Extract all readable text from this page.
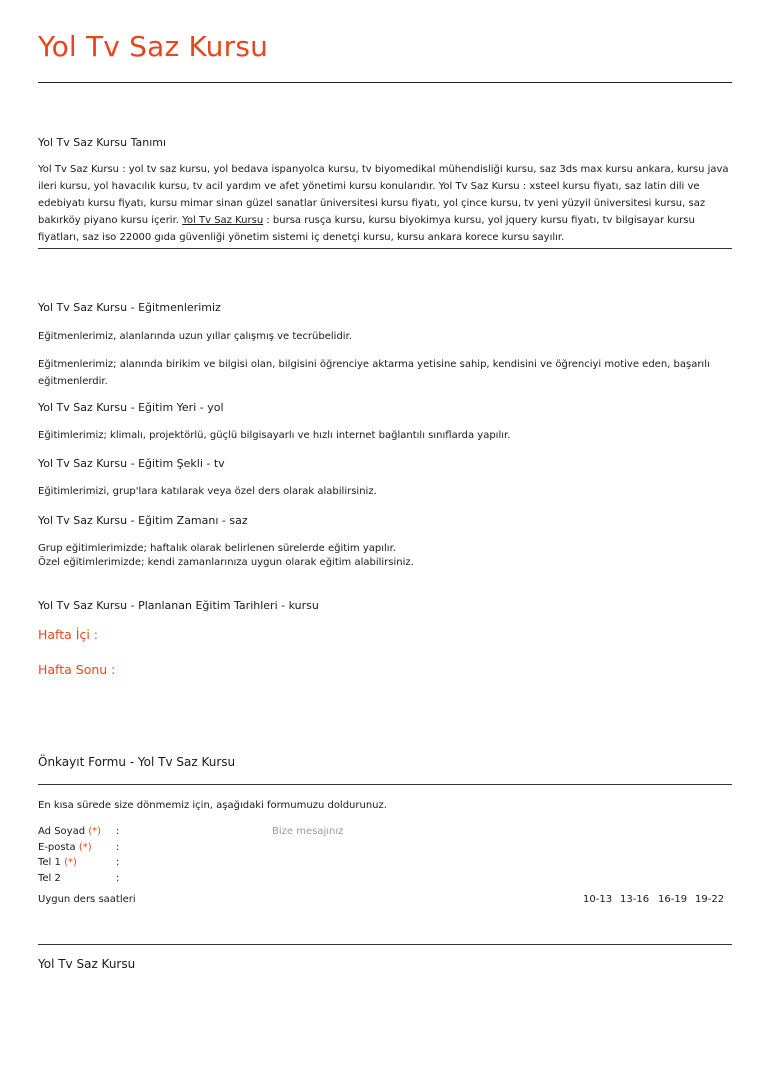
Yol Tv Saz Kursu
Yol Tv Saz Kursu Tanımı
Yol Tv Saz Kursu : yol tv saz kursu, yol bedava ispanyolca kursu, tv biyomedikal mühendisliği kursu, saz 3ds max kursu ankara, kursu java ileri kursu, yol havacılık kursu, tv acil yardım ve afet yönetimi kursu konularıdır. Yol Tv Saz Kursu : xsteel kursu fiyatı, saz latin dili ve edebiyatı kursu fiyatı, kursu mimar sinan güzel sanatlar üniversitesi kursu fiyatı, yol çince kursu, tv yeni yüzyil üniversitesi kursu, saz bakırköy piyano kursu içerir. Yol Tv Saz Kursu : bursa rusça kursu, kursu biyokimya kursu, yol jquery kursu fiyatı, tv bilgisayar kursu fiyatları, saz iso 22000 gıda güvenliği yönetim sistemi iç denetçi kursu, kursu ankara korece kursu sayılır.
Yol Tv Saz Kursu - Eğitmenlerimiz
Eğitmenlerimiz, alanlarında uzun yıllar çalışmış ve tecrübelidir.
Eğitmenlerimiz; alanında birikim ve bilgisi olan, bilgisini öğrenciye aktarma yetisine sahip, kendisini ve öğrenciyi motive eden, başarılı eğitmenlerdir.
Yol Tv Saz Kursu - Eğitim Yeri - yol
Eğitimlerimiz; klimalı, projektörlü, güçlü bilgisayarlı ve hızlı internet bağlantılı sınıflarda yapılır.
Yol Tv Saz Kursu - Eğitim Şekli - tv
Eğitimlerimizi, grup'lara katılarak veya özel ders olarak alabilirsiniz.
Yol Tv Saz Kursu - Eğitim Zamanı - saz
Grup eğitimlerimizde; haftalık olarak belirlenen sürelerde eğitim yapılır.
Özel eğitimlerimizde; kendi zamanlarınıza uygun olarak eğitim alabilirsiniz.
Yol Tv Saz Kursu - Planlanan Eğitim Tarihleri - kursu
Hafta İçi :
Hafta Sonu :
Önkayıt Formu - Yol Tv Saz Kursu
En kısa sürede size dönmemiz için, aşağıdaki formumuzu doldurunuz.
Ad Soyad (*) :
E-posta (*) :
Tel 1 (*)	:
Tel 2	:
Bize mesajınız
Uygun ders saatleri	10-13 13-16 16-19 19-22
Yol Tv Saz Kursu
